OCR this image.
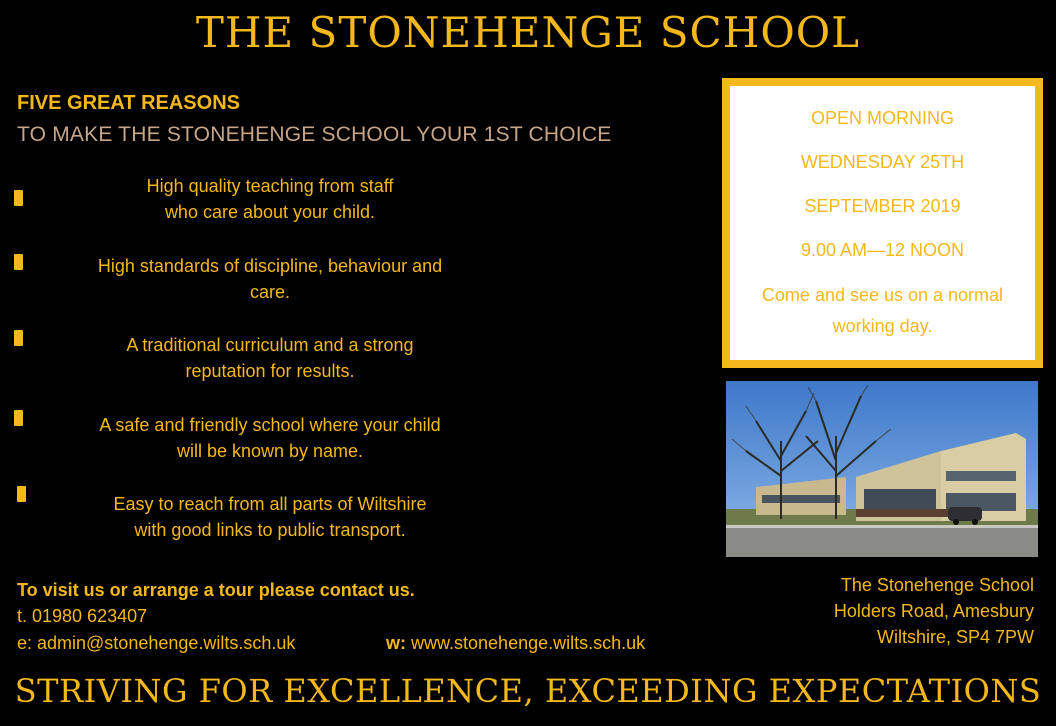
THE STONEHENGE SCHOOL
FIVE GREAT REASONS
TO MAKE THE STONEHENGE SCHOOL YOUR 1ST CHOICE
High quality teaching from staff
who care about your child.
High standards of discipline, behaviour and
care.
A traditional curriculum and a strong
reputation for results.
A safe and friendly school where your child
will be known by name.
Easy to reach from all parts of Wiltshire
with good links to public transport.
To visit us or arrange a tour please contact us.
t. 01980 623407
e: admin@stonehenge.wilts.sch.uk	w: www.stonehenge.wilts.sch.uk
OPEN MORNING
WEDNESDAY 25TH
SEPTEMBER 2019
9.00 AM—12 NOON
Come and see us on a normal
working day.
The Stonehenge School
Holders Road, Amesbury
Wiltshire, SP4 7PW
STRIVING FOR EXCELLENCE, EXCEEDING EXPECTATIONS
